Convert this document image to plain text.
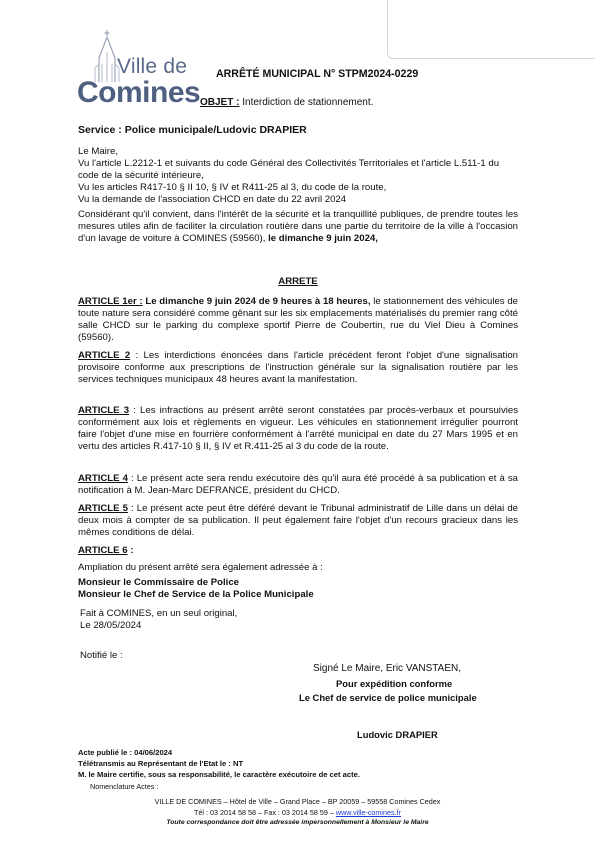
Ville de
Comines
ARRÊTÉ MUNICIPAL N° STPM2024-0229
OBJET : Interdiction de stationnement.
Service : Police municipale/Ludovic DRAPIER
Le Maire,
Vu l'article L.2212-1 et suivants du code Général des Collectivités Territoriales et l'article L.511-1 du code de la sécurité intérieure,
Vu les articles R417-10 § II 10, § IV et R411-25 al 3, du code de la route,
Vu la demande de l'association CHCD en date du 22 avril 2024
Considérant qu'il convient, dans l'intérêt de la sécurité et la tranquillité publiques, de prendre toutes les mesures utiles afin de faciliter la circulation routière dans une partie du territoire de la ville à l'occasion d'un lavage de voiture à COMINES (59560), le dimanche 9 juin 2024,
ARRETE
ARTICLE 1er : Le dimanche 9 juin 2024 de 9 heures à 18 heures, le stationnement des véhicules de toute nature sera considéré comme gênant sur les six emplacements matérialisés du premier rang côté salle CHCD sur le parking du complexe sportif Pierre de Coubertin, rue du Viel Dieu à Comines (59560).
ARTICLE 2 : Les interdictions énoncées dans l'article précédent feront l'objet d'une signalisation provisoire conforme aux prescriptions de l'instruction générale sur la signalisation routière par les services techniques municipaux 48 heures avant la manifestation.
ARTICLE 3 : Les infractions au présent arrêté seront constatées par procès-verbaux et poursuivies conformément aux lois et règlements en vigueur. Les véhicules en stationnement irrégulier pourront faire l'objet d'une mise en fourrière conformément à l'arrêté municipal en date du 27 Mars 1995 et en vertu des articles R.417-10 § II, § IV et R.411-25 al 3 du code de la route.
ARTICLE 4 : Le présent acte sera rendu exécutoire dès qu'il aura été procédé à sa publication et à sa notification à M. Jean-Marc DEFRANCE, président du CHCD.
ARTICLE 5 : Le présent acte peut être déféré devant le Tribunal administratif de Lille dans un délai de deux mois à compter de sa publication. Il peut également faire l'objet d'un recours gracieux dans les mêmes conditions de délai.
ARTICLE 6 :
Ampliation du présent arrêté sera également adressée à :
Monsieur le Commissaire de Police
Monsieur le Chef de Service de la Police Municipale
Fait à COMINES, en un seul original,
Le 28/05/2024
Notifié le :
Signé Le Maire, Eric VANSTAEN,
Pour expédition conforme
Le Chef de service de police municipale
Ludovic DRAPIER
Acte publié le : 04/06/2024
Télétransmis au Représentant de l'Etat le : NT
M. le Maire certifie, sous sa responsabilité, le caractère exécutoire de cet acte.
Nomenclature Actes :
VILLE DE COMINES – Hôtel de Ville – Grand Place – BP 20059 – 59558 Comines Cedex
Tél : 03 2014 58 58 – Fax : 03 2014 58 59 – www.ville-comines.fr
Toute correspondance doit être adressée impersonnellement à Monsieur le Maire
